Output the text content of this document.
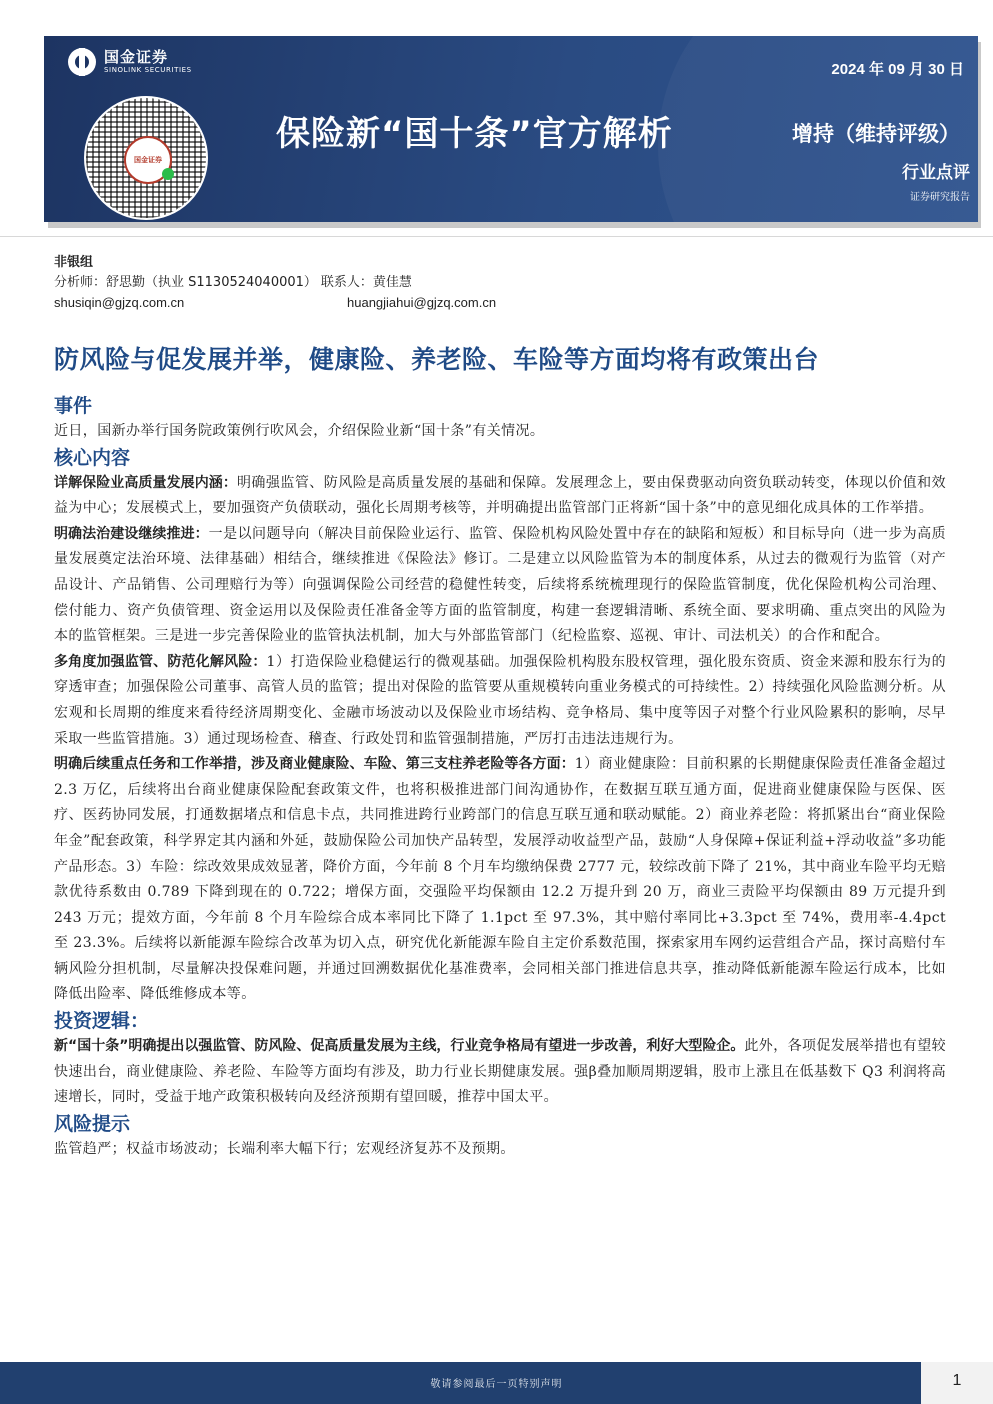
国金证券
SINOLINK SECURITIES
国金证券
2024 年 09 月 30 日
保险新“国十条”官方解析	增持（维持评级）
行业点评
证券研究报告
非银组
分析师：舒思勤（执业 S1130524040001） 联系人：黄佳慧
shusiqin@gjzq.com.cn	huangjiahui@gjzq.com.cn
防风险与促发展并举，健康险、养老险、车险等方面均将有政策出台
事件

近日，国新办举行国务院政策例行吹风会，介绍保险业新“国十条”有关情况。

核心内容

详解保险业高质量发展内涵：明确强监管、防风险是高质量发展的基础和保障。发展理念上，要由保费驱动向资负联动转变，体现以价值和效益为中心；发展模式上，要加强资产负债联动，强化长周期考核等，并明确提出监管部门正将新“国十条”中的意见细化成具体的工作举措。

明确法治建设继续推进：一是以问题导向（解决目前保险业运行、监管、保险机构风险处置中存在的缺陷和短板）和目标导向（进一步为高质量发展奠定法治环境、法律基础）相结合，继续推进《保险法》修订。二是建立以风险监管为本的制度体系，从过去的微观行为监管（对产品设计、产品销售、公司理赔行为等）向强调保险公司经营的稳健性转变，后续将系统梳理现行的保险监管制度，优化保险机构公司治理、偿付能力、资产负债管理、资金运用以及保险责任准备金等方面的监管制度，构建一套逻辑清晰、系统全面、要求明确、重点突出的风险为本的监管框架。三是进一步完善保险业的监管执法机制，加大与外部监管部门（纪检监察、巡视、审计、司法机关）的合作和配合。

多角度加强监管、防范化解风险：1）打造保险业稳健运行的微观基础。加强保险机构股东股权管理，强化股东资质、资金来源和股东行为的穿透审查；加强保险公司董事、高管人员的监管；提出对保险的监管要从重规模转向重业务模式的可持续性。2）持续强化风险监测分析。从宏观和长周期的维度来看待经济周期变化、金融市场波动以及保险业市场结构、竞争格局、集中度等因子对整个行业风险累积的影响，尽早采取一些监管措施。3）通过现场检查、稽查、行政处罚和监管强制措施，严厉打击违法违规行为。

明确后续重点任务和工作举措，涉及商业健康险、车险、第三支柱养老险等各方面：1）商业健康险：目前积累的长期健康保险责任准备金超过 2.3 万亿，后续将出台商业健康保险配套政策文件，也将积极推进部门间沟通协作，在数据互联互通方面，促进商业健康保险与医保、医疗、医药协同发展，打通数据堵点和信息卡点，共同推进跨行业跨部门的信息互联互通和联动赋能。2）商业养老险：将抓紧出台“商业保险年金”配套政策，科学界定其内涵和外延，鼓励保险公司加快产品转型，发展浮动收益型产品，鼓励“人身保障+保证利益+浮动收益”多功能产品形态。3）车险：综改效果成效显著，降价方面，今年前 8 个月车均缴纳保费 2777 元，较综改前下降了 21%，其中商业车险平均无赔款优待系数由 0.789 下降到现在的 0.722；增保方面，交强险平均保额由 12.2 万提升到 20 万，商业三责险平均保额由 89 万元提升到 243 万元；提效方面，今年前 8 个月车险综合成本率同比下降了 1.1pct 至 97.3%，其中赔付率同比+3.3pct 至 74%，费用率-4.4pct 至 23.3%。后续将以新能源车险综合改革为切入点，研究优化新能源车险自主定价系数范围，探索家用车网约运营组合产品，探讨高赔付车辆风险分担机制，尽量解决投保难问题，并通过回溯数据优化基准费率，会同相关部门推进信息共享，推动降低新能源车险运行成本，比如降低出险率、降低维修成本等。

投资逻辑：

新“国十条”明确提出以强监管、防风险、促高质量发展为主线，行业竞争格局有望进一步改善，利好大型险企。此外，各项促发展举措也有望较快速出台，商业健康险、养老险、车险等方面均有涉及，助力行业长期健康发展。强β叠加顺周期逻辑，股市上涨且在低基数下 Q3 利润将高速增长，同时，受益于地产政策积极转向及经济预期有望回暖，推荐中国太平。

风险提示

监管趋严；权益市场波动；长端利率大幅下行；宏观经济复苏不及预期。

敬请参阅最后一页特别声明	1
